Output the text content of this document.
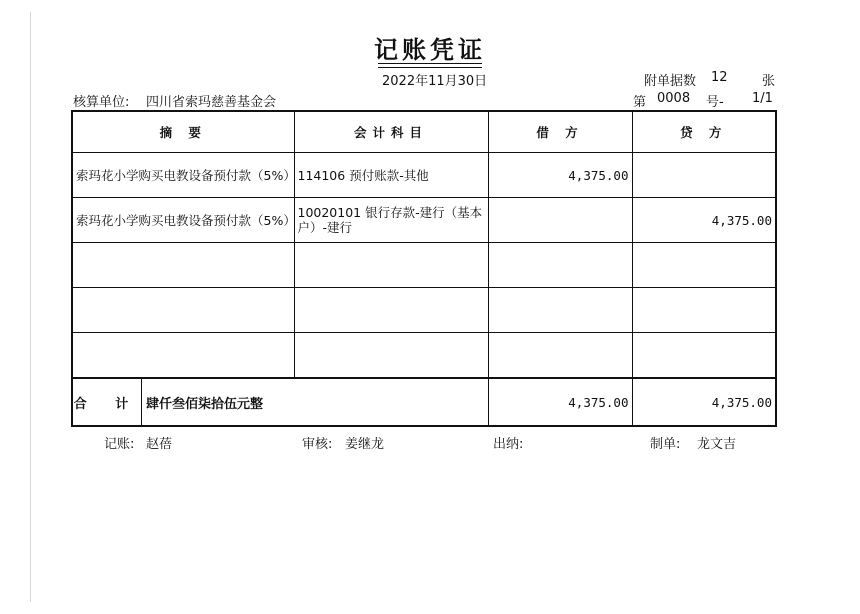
记账凭证
2022年11月30日	附单据数 12	张
核算单位: 四川省索玛慈善基金会	第 0008 号- 1/1
摘 要	会计科目	借 方	贷 方
索玛花小学购买电教设备预付款（5%）	114106 预付账款-其他	4,375.00	
索玛花小学购买电教设备预付款（5%）	10020101 银行存款-建行（基本户）-建行		4,375.00

合 计 肆仟叁佰柒拾伍元整		4,375.00	4,375.00
记账: 赵蓓	审核: 姜继龙	出纳:	制单: 龙文吉
